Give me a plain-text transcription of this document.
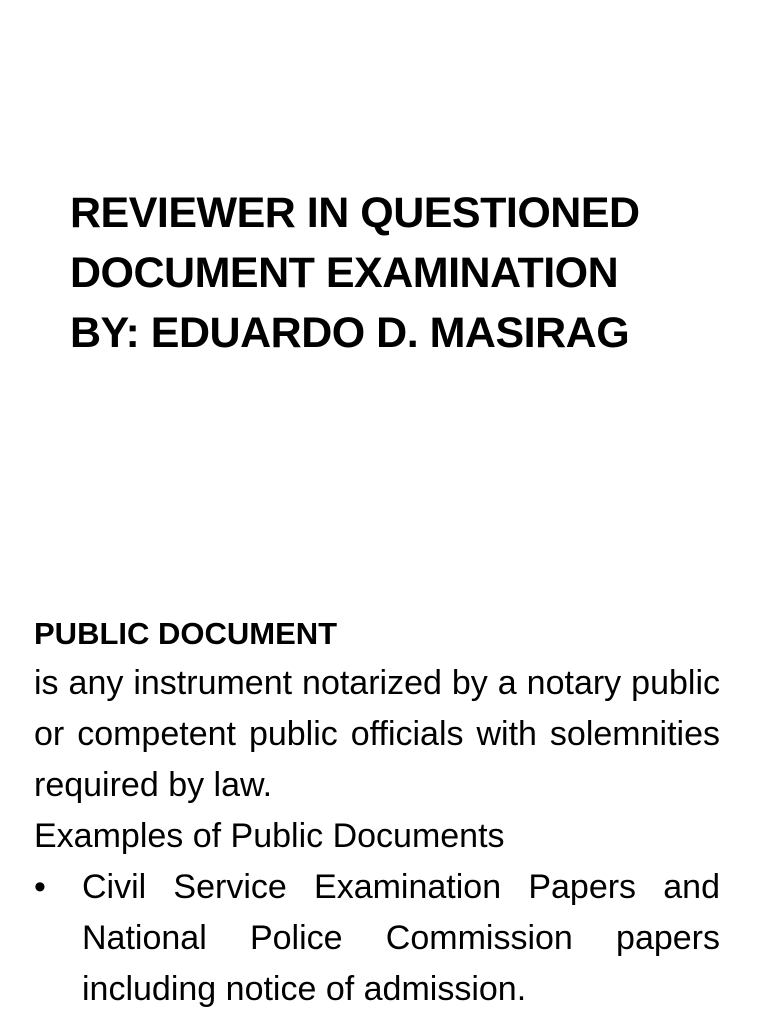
REVIEWER IN QUESTIONED
DOCUMENT EXAMINATION
BY: EDUARDO D. MASIRAG

PUBLIC DOCUMENT

is any instrument notarized by a notary public or competent public officials with solemnities required by law.

Examples of Public Documents

• Civil Service Examination Papers and National Police Commission papers including notice of admission.
